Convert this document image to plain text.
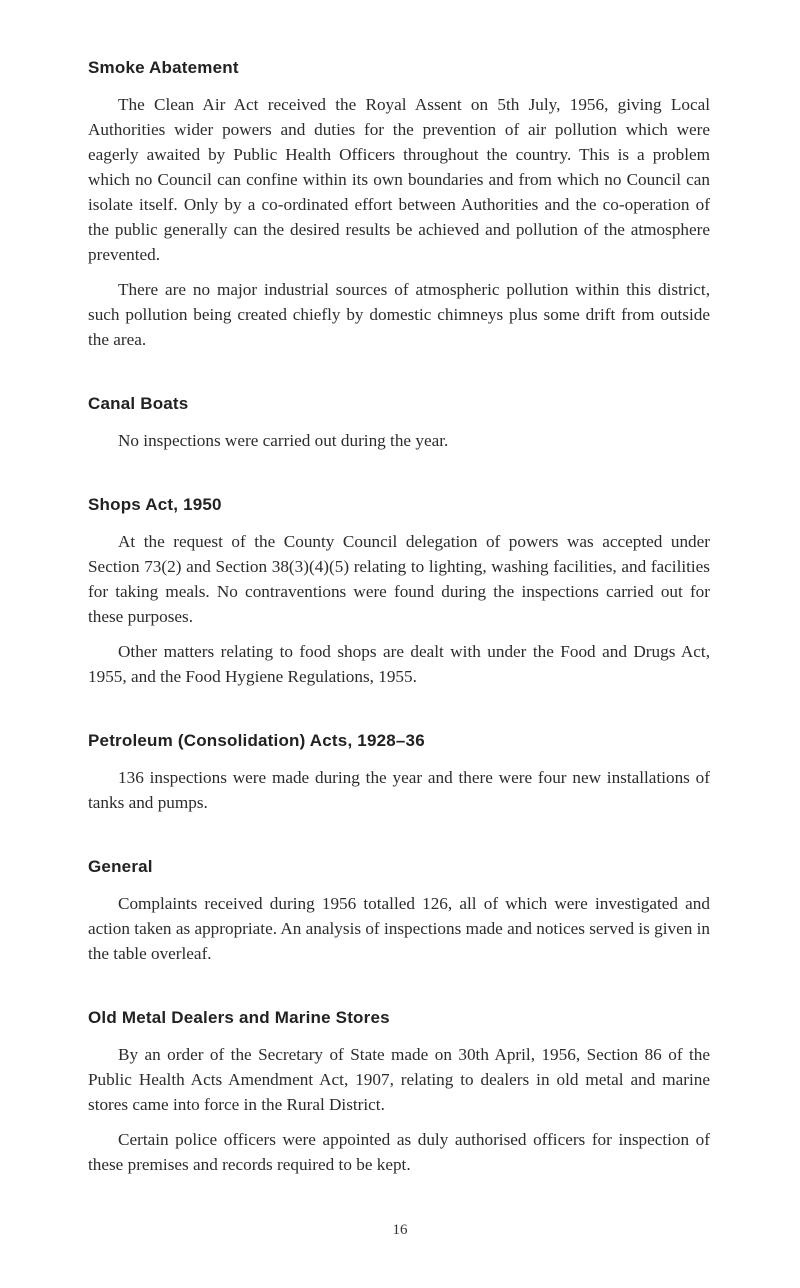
Smoke Abatement

The Clean Air Act received the Royal Assent on 5th July, 1956, giving Local Authorities wider powers and duties for the prevention of air pollution which were eagerly awaited by Public Health Officers throughout the country. This is a problem which no Council can confine within its own boundaries and from which no Council can isolate itself. Only by a co-ordinated effort between Authorities and the co-operation of the public generally can the desired results be achieved and pollution of the atmosphere prevented.

There are no major industrial sources of atmospheric pollution within this district, such pollution being created chiefly by domestic chimneys plus some drift from outside the area.

Canal Boats

No inspections were carried out during the year.

Shops Act, 1950

At the request of the County Council delegation of powers was accepted under Section 73(2) and Section 38(3)(4)(5) relating to lighting, washing facilities, and facilities for taking meals. No contraventions were found during the inspections carried out for these purposes.

Other matters relating to food shops are dealt with under the Food and Drugs Act, 1955, and the Food Hygiene Regulations, 1955.

Petroleum (Consolidation) Acts, 1928–36

136 inspections were made during the year and there were four new installations of tanks and pumps.

General

Complaints received during 1956 totalled 126, all of which were investigated and action taken as appropriate. An analysis of inspections made and notices served is given in the table overleaf.

Old Metal Dealers and Marine Stores

By an order of the Secretary of State made on 30th April, 1956, Section 86 of the Public Health Acts Amendment Act, 1907, relating to dealers in old metal and marine stores came into force in the Rural District.

Certain police officers were appointed as duly authorised officers for inspection of these premises and records required to be kept.

16
